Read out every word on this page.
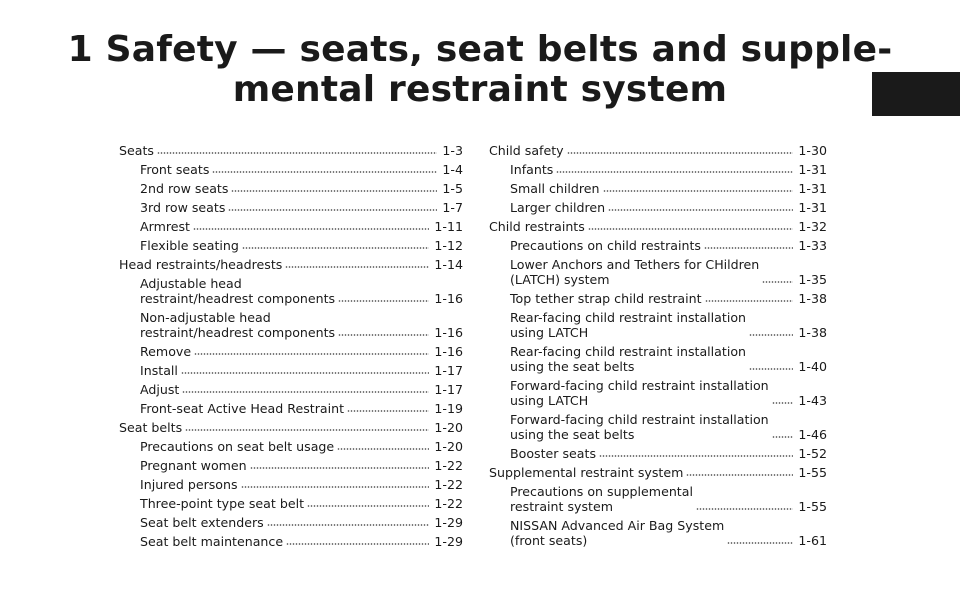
1 Safety — seats, seat belts and supple-
mental restraint system
Seats	1-3
Front seats	1-4
2nd row seats	1-5
3rd row seats	1-7
Armrest	1-11
Flexible seating	1-12
Head restraints/headrests	1-14
Adjustable head
restraint/headrest components	1-16
Non-adjustable head
restraint/headrest components	1-16
Remove	1-16
Install	1-17
Adjust	1-17
Front-seat Active Head Restraint	1-19
Seat belts	1-20
Precautions on seat belt usage	1-20
Pregnant women	1-22
Injured persons	1-22
Three-point type seat belt	1-22
Seat belt extenders	1-29
Seat belt maintenance	1-29
Child safety	1-30
Infants	1-31
Small children	1-31
Larger children	1-31
Child restraints	1-32
Precautions on child restraints	1-33
Lower Anchors and Tethers for CHildren
(LATCH) system	1-35
Top tether strap child restraint	1-38
Rear-facing child restraint installation
using LATCH	1-38
Rear-facing child restraint installation
using the seat belts	1-40
Forward-facing child restraint installation
using LATCH	1-43
Forward-facing child restraint installation
using the seat belts	1-46
Booster seats	1-52
Supplemental restraint system	1-55
Precautions on supplemental
restraint system	1-55
NISSAN Advanced Air Bag System
(front seats)	1-61
